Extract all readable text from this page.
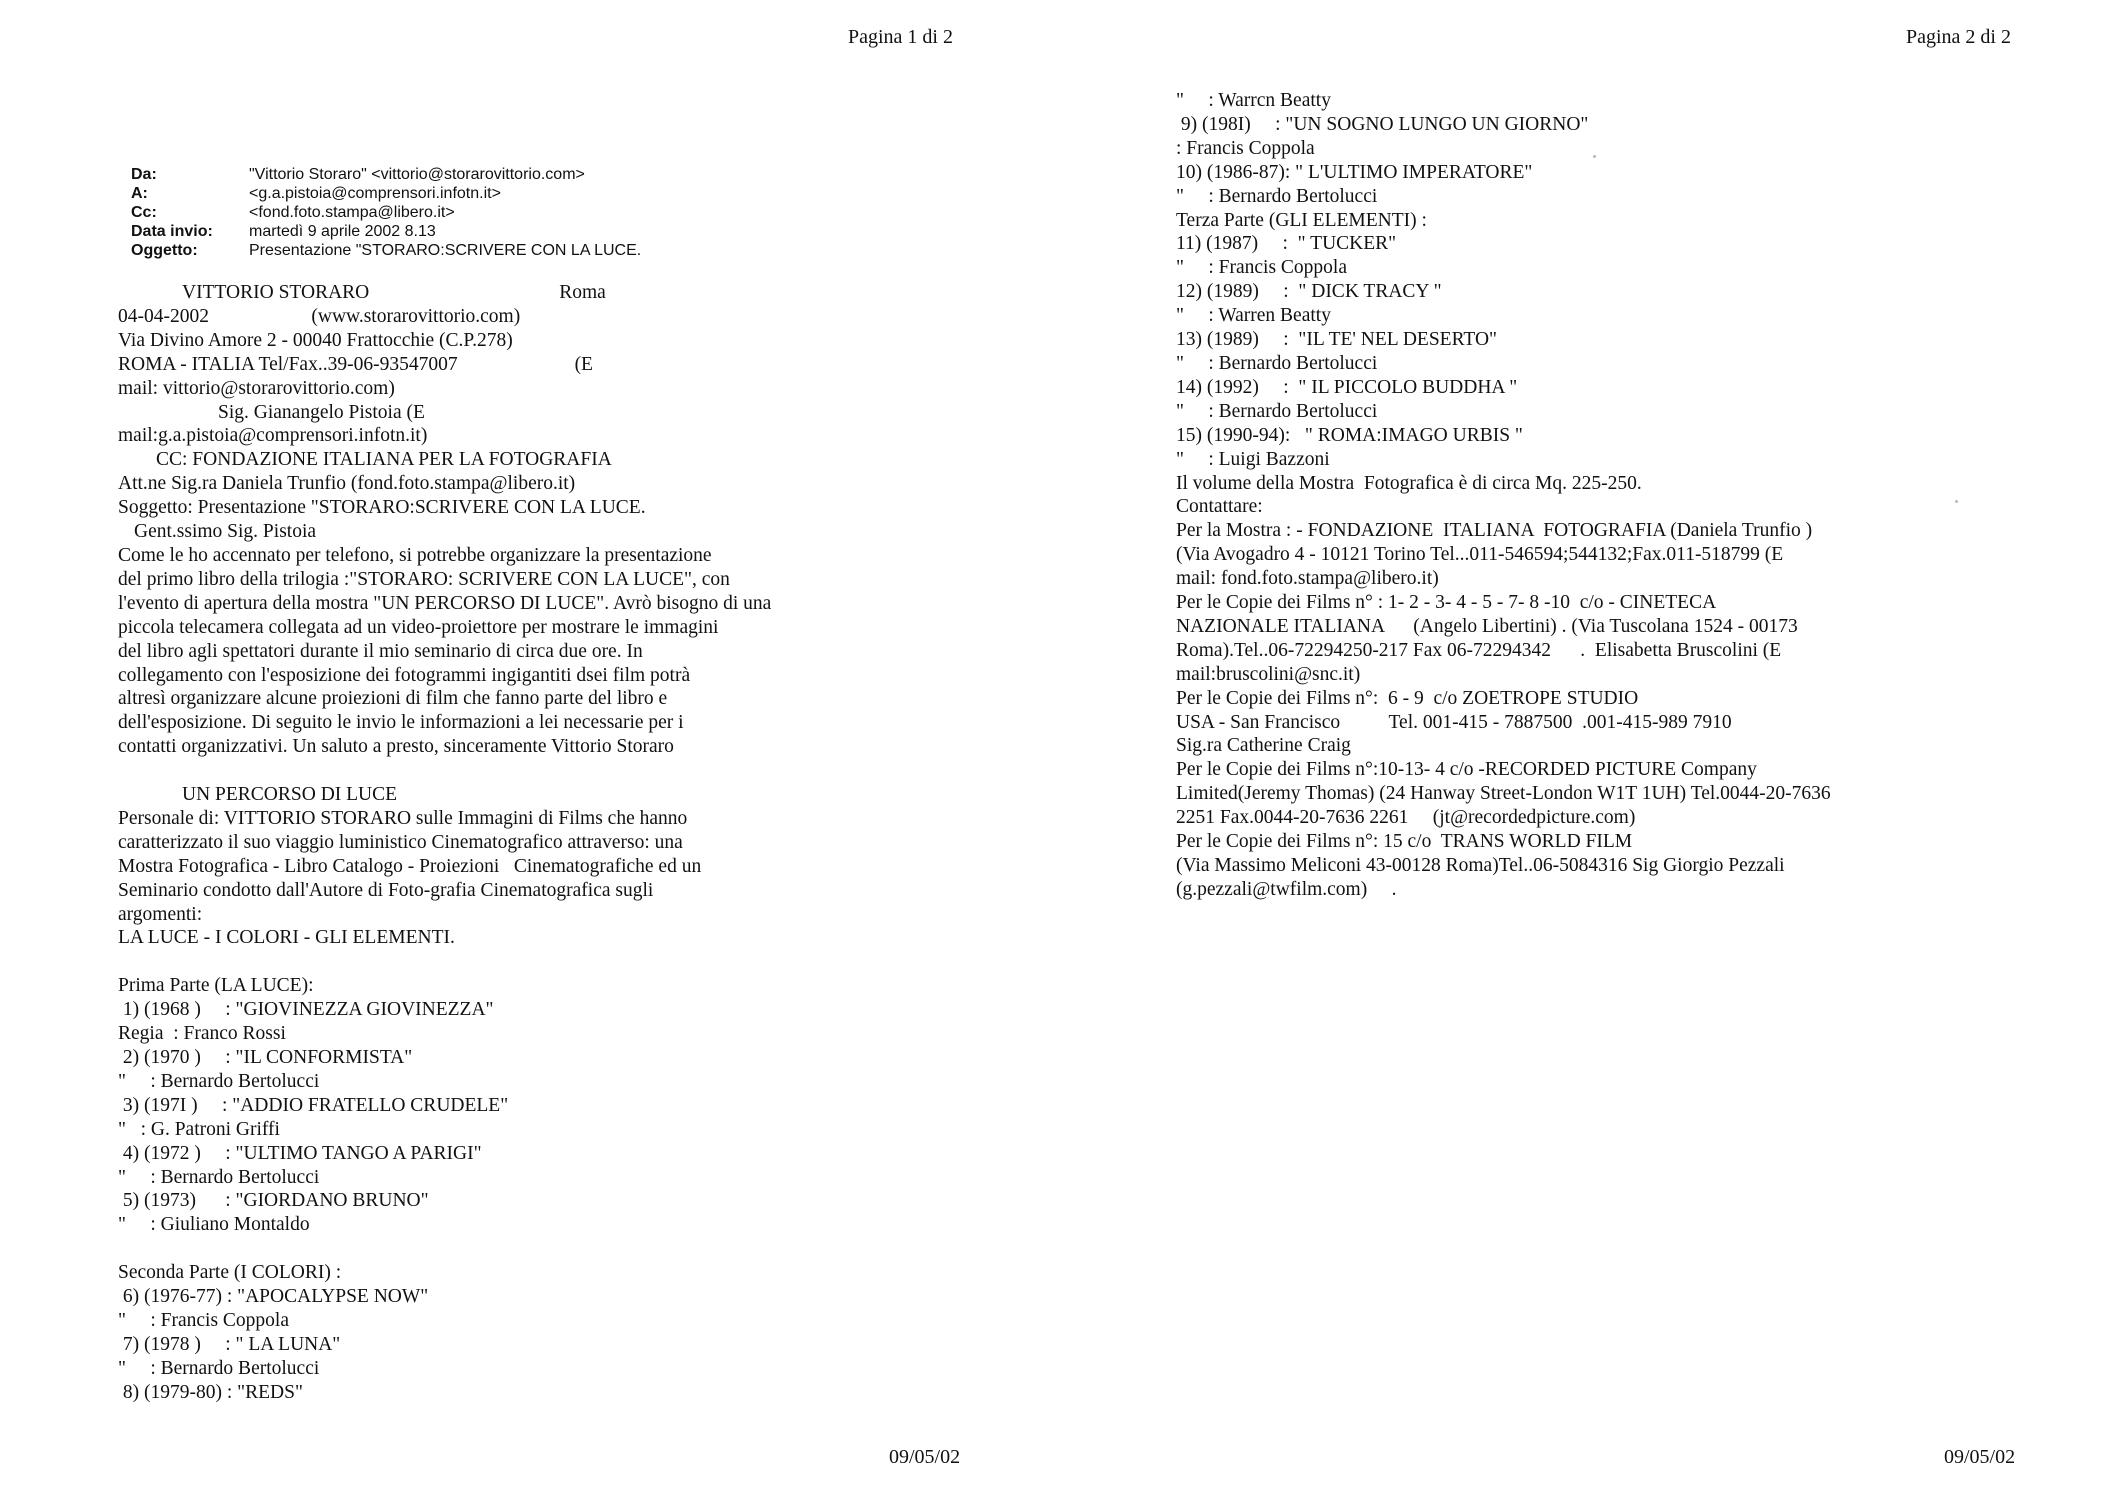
Pagina 1 di 2
Da:	"Vittorio Storaro" <vittorio@storarovittorio.com>
A:	<g.a.pistoia@comprensori.infotn.it>
Cc:	<fond.foto.stampa@libero.it>
Data invio:	martedì 9 aprile 2002 8.13
Oggetto:	Presentazione "STORARO:SCRIVERE CON LA LUCE.
VITTORIO STORARO	Roma
04-04-2002                     (www.storarovittorio.com)
Via Divino Amore 2 - 00040 Frattocchie (C.P.278)
ROMA - ITALIA Tel/Fax..39-06-93547007                        (E
mail: vittorio@storarovittorio.com)
Sig. Gianangelo Pistoia (E
mail:g.a.pistoia@comprensori.infotn.it)
CC: FONDAZIONE ITALIANA PER LA FOTOGRAFIA
Att.ne Sig.ra Daniela Trunfio (fond.foto.stampa@libero.it)
Soggetto: Presentazione "STORARO:SCRIVERE CON LA LUCE.
Gent.ssimo Sig. Pistoia
Come le ho accennato per telefono, si potrebbe organizzare la presentazione
del primo libro della trilogia :"STORARO: SCRIVERE CON LA LUCE", con
l'evento di apertura della mostra "UN PERCORSO DI LUCE". Avrò bisogno di una
piccola telecamera collegata ad un video-proiettore per mostrare le immagini
del libro agli spettatori durante il mio seminario di circa due ore. In
collegamento con l'esposizione dei fotogrammi ingigantiti dsei film potrà
altresì organizzare alcune proiezioni di film che fanno parte del libro e
dell'esposizione. Di seguito le invio le informazioni a lei necessarie per i
contatti organizzativi. Un saluto a presto, sinceramente Vittorio Storaro
UN PERCORSO DI LUCE
Personale di: VITTORIO STORARO sulle Immagini di Films che hanno
caratterizzato il suo viaggio luministico Cinematografico attraverso: una
Mostra Fotografica - Libro Catalogo - Proiezioni   Cinematografiche ed un
Seminario condotto dall'Autore di Foto-grafia Cinematografica sugli
argomenti:
LA LUCE - I COLORI - GLI ELEMENTI.
Prima Parte (LA LUCE):
1) (1968 )     : "GIOVINEZZA GIOVINEZZA"
Regia  : Franco Rossi
2) (1970 )     : "IL CONFORMISTA"
"     : Bernardo Bertolucci
3) (197I )     : "ADDIO FRATELLO CRUDELE"
"   : G. Patroni Griffi
4) (1972 )     : "ULTIMO TANGO A PARIGI"
"     : Bernardo Bertolucci
5) (1973)      : "GIORDANO BRUNO"
"     : Giuliano Montaldo
Seconda Parte (I COLORI) :
6) (1976-77) : "APOCALYPSE NOW"
"     : Francis Coppola
7) (1978 )     : " LA LUNA"
"     : Bernardo Bertolucci
8) (1979-80) : "REDS"
09/05/02
Pagina 2 di 2
"     : Warrcn Beatty
9) (198I)     : "UN SOGNO LUNGO UN GIORNO"
: Francis Coppola
10) (1986-87): " L'ULTIMO IMPERATORE"
"     : Bernardo Bertolucci
Terza Parte (GLI ELEMENTI) :
11) (1987)     :  " TUCKER"
"     : Francis Coppola
12) (1989)     :  " DICK TRACY "
"     : Warren Beatty
13) (1989)     :  "IL TE' NEL DESERTO"
"     : Bernardo Bertolucci
14) (1992)     :  " IL PICCOLO BUDDHA "
"     : Bernardo Bertolucci
15) (1990-94):   " ROMA:IMAGO URBIS "
"     : Luigi Bazzoni
Il volume della Mostra  Fotografica è di circa Mq. 225-250.
Contattare:
Per la Mostra : - FONDAZIONE  ITALIANA  FOTOGRAFIA (Daniela Trunfio )
(Via Avogadro 4 - 10121 Torino Tel...011-546594;544132;Fax.011-518799 (E
mail: fond.foto.stampa@libero.it)
Per le Copie dei Films n° : 1- 2 - 3- 4 - 5 - 7- 8 -10  c/o - CINETECA
NAZIONALE ITALIANA      (Angelo Libertini) . (Via Tuscolana 1524 - 00173
Roma).Tel..06-72294250-217 Fax 06-72294342      .  Elisabetta Bruscolini (E
mail:bruscolini@snc.it)
Per le Copie dei Films n°:  6 - 9  c/o ZOETROPE STUDIO
USA - San Francisco          Tel. 001-415 - 7887500  .001-415-989 7910
Sig.ra Catherine Craig
Per le Copie dei Films n°:10-13- 4 c/o -RECORDED PICTURE Company
Limited(Jeremy Thomas) (24 Hanway Street-London W1T 1UH) Tel.0044-20-7636
2251 Fax.0044-20-7636 2261     (jt@recordedpicture.com)
Per le Copie dei Films n°: 15 c/o  TRANS WORLD FILM
(Via Massimo Meliconi 43-00128 Roma)Tel..06-5084316 Sig Giorgio Pezzali
(g.pezzali@twfilm.com)     .
09/05/02
